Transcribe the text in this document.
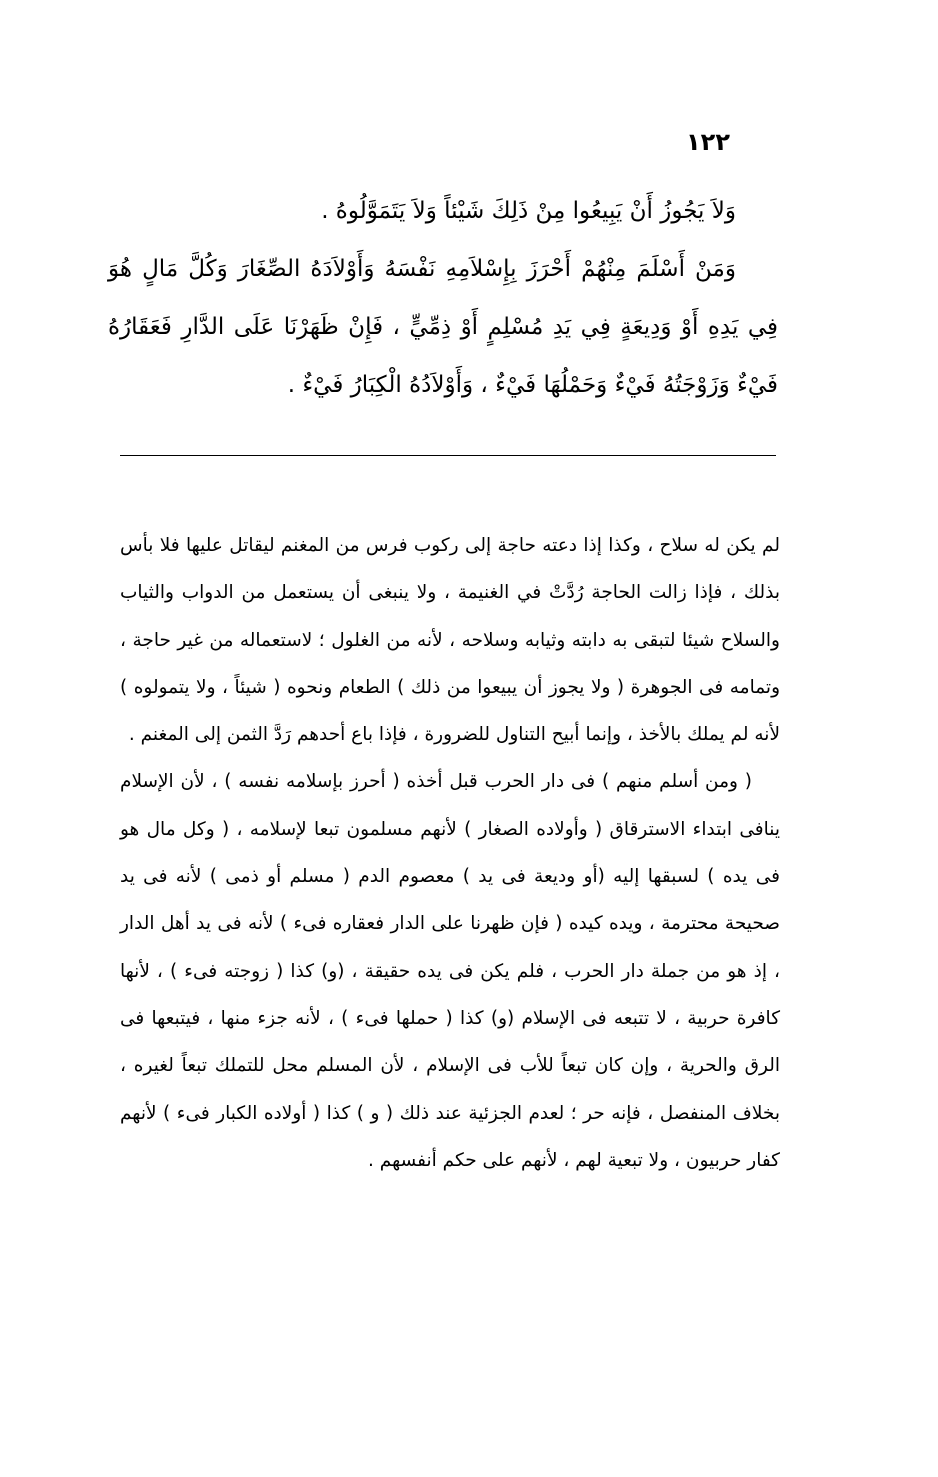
١٢٢

وَلاَ يَجُوزُ أَنْ يَبِيعُوا مِنْ ذَلِكَ شَيْئاً وَلاَ يَتَمَوَّلُوهُ .

وَمَنْ أَسْلَمَ مِنْهُمْ أَحْرَزَ بِإِسْلاَمِهِ نَفْسَهُ وَأَوْلاَدَهُ الصِّغَارَ وَكُلَّ مَالٍ هُوَ فِي يَدِهِ أَوْ وَدِيعَةٍ فِي يَدِ مُسْلِمٍ أَوْ ذِمِّيٍّ ، فَإِنْ ظَهَرْنَا عَلَى الدَّارِ فَعَقَارُهُ فَيْءٌ وَزَوْجَتُهُ فَيْءٌ وَحَمْلُهَا فَيْءٌ ، وَأَوْلاَدُهُ الْكِبَارُ فَيْءٌ .

لم يكن له سلاح ، وكذا إذا دعته حاجة إلى ركوب فرس من المغنم ليقاتل عليها فلا بأس بذلك ، فإذا زالت الحاجة رُدَّتْ في الغنيمة ، ولا ينبغى أن يستعمل من الدواب والثياب والسلاح شيئا لتبقى به دابته وثيابه وسلاحه ، لأنه من الغلول ؛ لاستعماله من غير حاجة ، وتمامه فى الجوهرة ( ولا يجوز أن يبيعوا من ذلك ) الطعام ونحوه ( شيئاً ، ولا يتمولوه ) لأنه لم يملك بالأخذ ، وإنما أبيح التناول للضرورة ، فإذا باع أحدهم رَدَّ الثمن إلى المغنم .

( ومن أسلم منهم ) فى دار الحرب قبل أخذه ( أحرز بإسلامه نفسه ) ، لأن الإسلام ينافى ابتداء الاسترقاق ( وأولاده الصغار ) لأنهم مسلمون تبعا لإسلامه ، ( وكل مال هو فى يده ) لسبقها إليه (أو وديعة فى يد ) معصوم الدم ( مسلم أو ذمى ) لأنه فى يد صحيحة محترمة ، ويده كيده ( فإن ظهرنا على الدار فعقاره فىء ) لأنه فى يد أهل الدار ، إذ هو من جملة دار الحرب ، فلم يكن فى يده حقيقة ، (و) كذا ( زوجته فىء ) ، لأنها كافرة حربية ، لا تتبعه فى الإسلام (و) كذا ( حملها فىء ) ، لأنه جزء منها ، فيتبعها فى الرق والحرية ، وإن كان تبعاً للأب فى الإسلام ، لأن المسلم محل للتملك تبعاً لغيره ، بخلاف المنفصل ، فإنه حر ؛ لعدم الجزئية عند ذلك ( و ) كذا ( أولاده الكبار فىء ) لأنهم كفار حربيون ، ولا تبعية لهم ، لأنهم على حكم أنفسهم .
